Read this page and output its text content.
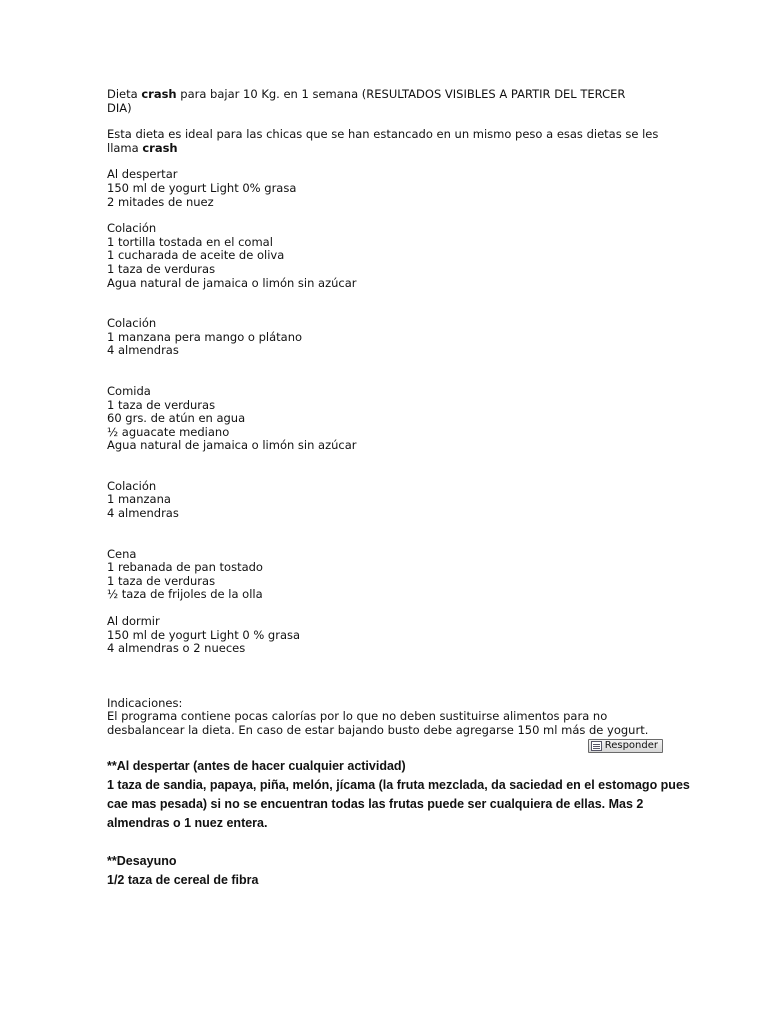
Dieta crash para bajar 10 Kg. en 1 semana (RESULTADOS VISIBLES A PARTIR DEL TERCER
DIA)
Esta dieta es ideal para las chicas que se han estancado en un mismo peso a esas dietas se les
llama crash
Al despertar
150 ml de yogurt Light 0% grasa
2 mitades de nuez
Colación
1 tortilla tostada en el comal
1 cucharada de aceite de oliva
1 taza de verduras
Agua natural de jamaica o limón sin azúcar
Colación
1 manzana pera mango o plátano
4 almendras
Comida
1 taza de verduras
60 grs. de atún en agua
½ aguacate mediano
Agua natural de jamaica o limón sin azúcar
Colación
1 manzana
4 almendras
Cena
1 rebanada de pan tostado
1 taza de verduras
½ taza de frijoles de la olla
Al dormir
150 ml de yogurt Light 0 % grasa
4 almendras o 2 nueces
Indicaciones:
El programa contiene pocas calorías por lo que no deben sustituirse alimentos para no
desbalancear la dieta. En caso de estar bajando busto debe agregarse 150 ml más de yogurt.
Responder
**Al despertar (antes de hacer cualquier actividad)
1 taza de sandia, papaya, piña, melón, jícama (la fruta mezclada, da saciedad en el estomago pues
cae mas pesada) si no se encuentran todas las frutas puede ser cualquiera de ellas. Mas 2
almendras o 1 nuez entera.
**Desayuno
1/2 taza de cereal de fibra
